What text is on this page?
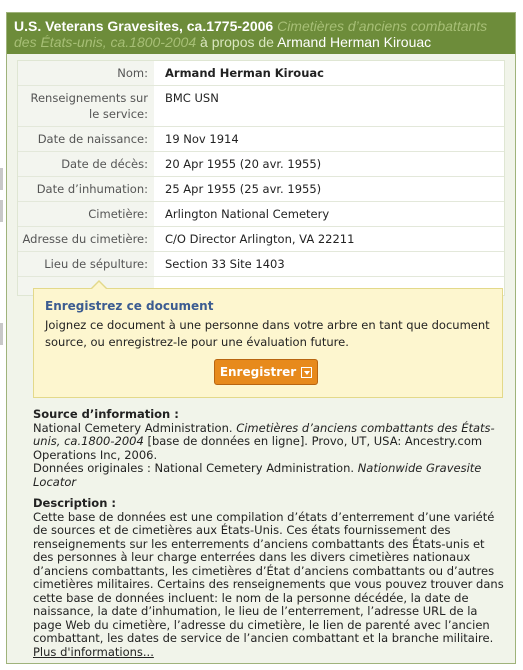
U.S. Veterans Gravesites, ca.1775-2006 Cimetières d’anciens combattants des États-unis, ca.1800-2004 à propos de Armand Herman Kirouac
Nom:	Armand Herman Kirouac
Renseignements sur le service:
BMC USN
Date de naissance:	19 Nov 1914
Date de décès:	20 Apr 1955 (20 avr. 1955)
Date d’inhumation:	25 Apr 1955 (25 avr. 1955)
Cimetière:	Arlington National Cemetery
Adresse du cimetière:	C/O Director Arlington, VA 22211
Lieu de sépulture:	Section 33 Site 1403
Enregistrez ce document
Joignez ce document à une personne dans votre arbre en tant que document source, ou enregistrez-le pour une évaluation future.
Enregistrer
Source d’information :
National Cemetery Administration. Cimetières d’anciens combattants des États-unis, ca.1800-2004 [base de données en ligne]. Provo, UT, USA: Ancestry.com Operations Inc, 2006.
Données originales : National Cemetery Administration. Nationwide Gravesite Locator
Description :
Cette base de données est une compilation d’états d’enterrement d’une variété de sources et de cimetières aux États-Unis. Ces états fournissement des renseignements sur les enterrements d’anciens combattants des États-unis et des personnes à leur charge enterrées dans les divers cimetières nationaux d’anciens combattants, les cimetières d’État d’anciens combattants ou d’autres cimetières militaires. Certains des renseignements que vous pouvez trouver dans cette base de données incluent: le nom de la personne décédée, la date de naissance, la date d’inhumation, le lieu de l’enterrement, l’adresse URL de la page Web du cimetière, l’adresse du cimetière, le lien de parenté avec l’ancien combattant, les dates de service de l’ancien combattant et la branche militaire. Plus d'informations...
